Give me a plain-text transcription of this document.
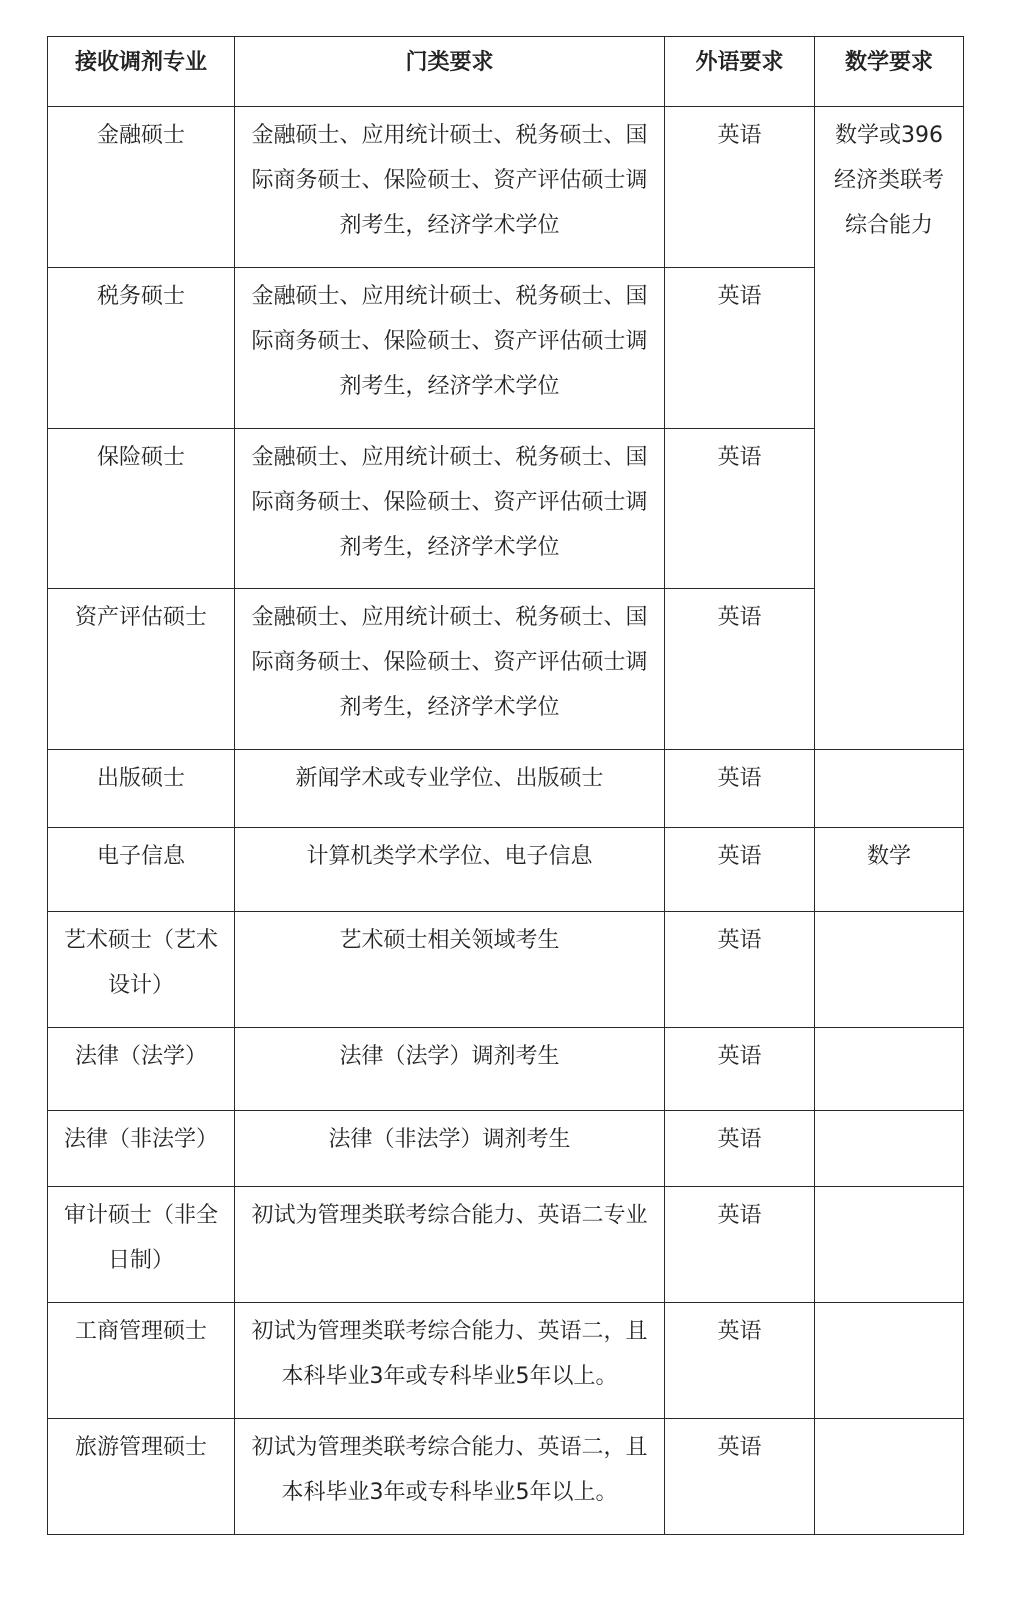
接收调剂专业	门类要求	外语要求	数学要求
金融硕士	金融硕士、应用统计硕士、税务硕士、国际商务硕士、保险硕士、资产评估硕士调剂考生，经济学术学位	英语	数学或396经济类联考综合能力
税务硕士	金融硕士、应用统计硕士、税务硕士、国际商务硕士、保险硕士、资产评估硕士调剂考生，经济学术学位	英语	
保险硕士	金融硕士、应用统计硕士、税务硕士、国际商务硕士、保险硕士、资产评估硕士调剂考生，经济学术学位	英语	
资产评估硕士	金融硕士、应用统计硕士、税务硕士、国际商务硕士、保险硕士、资产评估硕士调剂考生，经济学术学位	英语	
出版硕士	新闻学术或专业学位、出版硕士	英语	
电子信息	计算机类学术学位、电子信息	英语	数学
艺术硕士（艺术设计）	艺术硕士相关领域考生	英语	
法律（法学）	法律（法学）调剂考生	英语	
法律（非法学）	法律（非法学）调剂考生	英语	
审计硕士（非全日制）	初试为管理类联考综合能力、英语二专业	英语	
工商管理硕士	初试为管理类联考综合能力、英语二，且本科毕业3年或专科毕业5年以上。	英语	
旅游管理硕士	初试为管理类联考综合能力、英语二，且本科毕业3年或专科毕业5年以上。	英语	
